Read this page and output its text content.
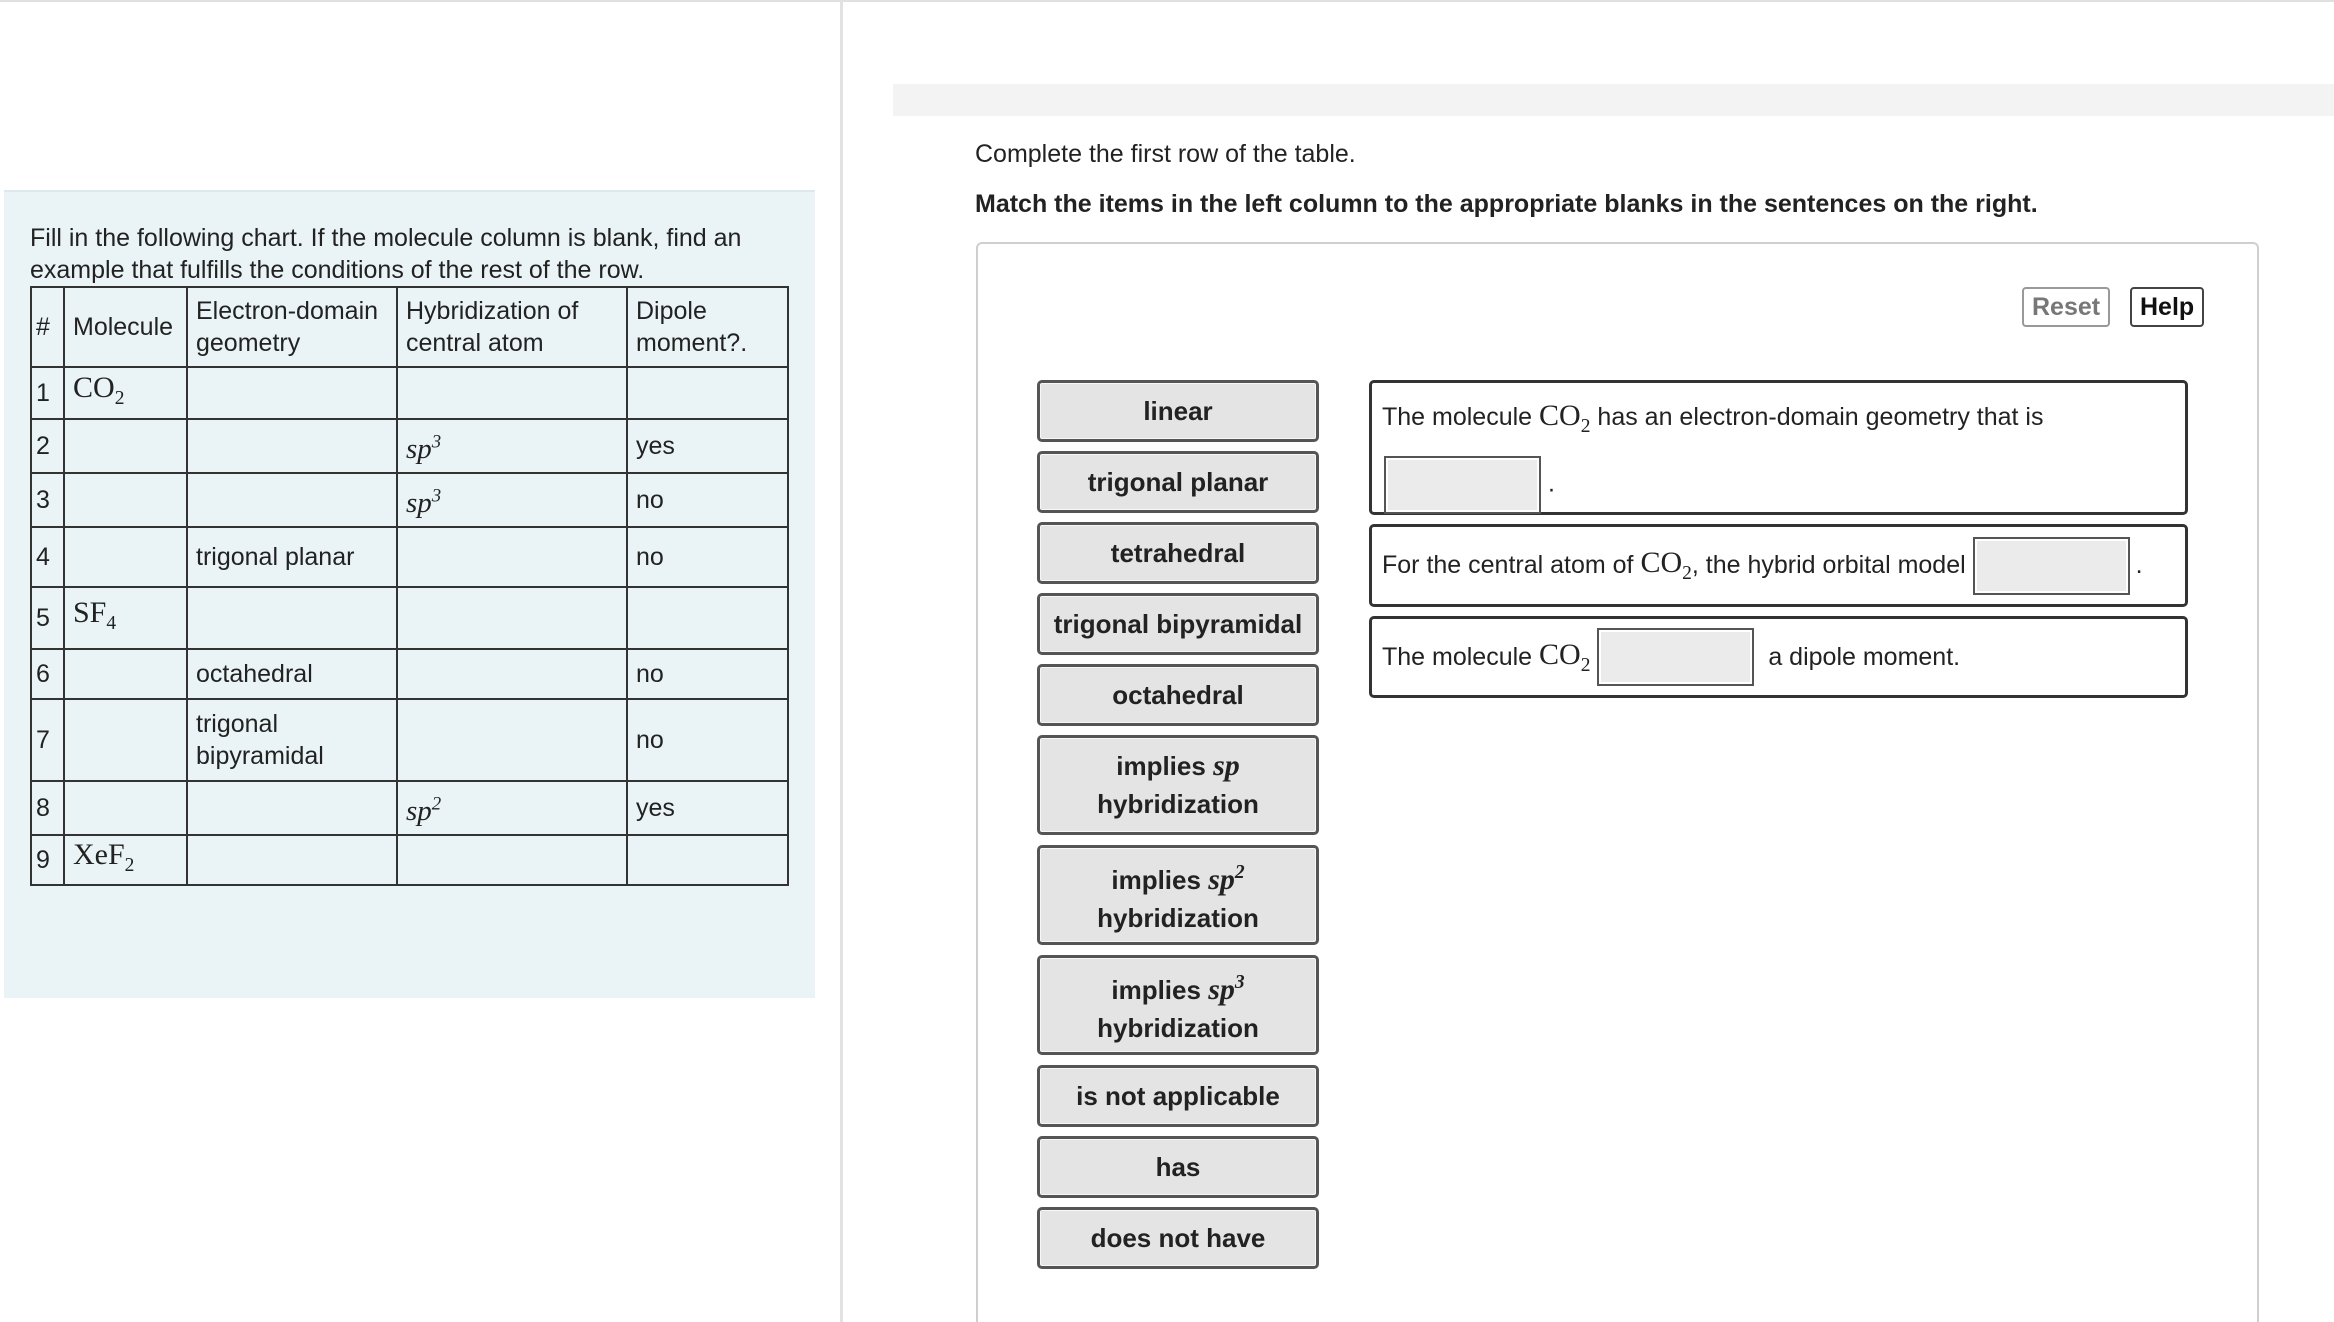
Fill in the following chart. If the molecule column is blank, find an example that fulfills the conditions of the rest of the row.
#	Molecule	Electron-domain geometry	Hybridization of central atom	Dipole moment?.
1	$CO_2$			
2			$sp^3$	yes
3			$sp^3$	no
4		trigonal planar		no
5	$SF_4$			
6		octahedral		no
7		trigonal bipyramidal		no
8			$sp^2$	yes
9	XeF$_2$			
Complete the first row of the table.
Match the items in the left column to the appropriate blanks in the sentences on the right.
Reset	Help
linear
trigonal planar
tetrahedral
trigonal bipyramidal
octahedral
implies sp
hybridization
implies $sp^2$
hybridization
implies $sp^3$
hybridization
is not applicable
has
does not have
The molecule $CO_2$ has an electron-domain geometry that is
.
For the central atom of
$CO_2$ , the hybrid orbital model
	.
The molecule
$CO_2$

	a dipole moment.
